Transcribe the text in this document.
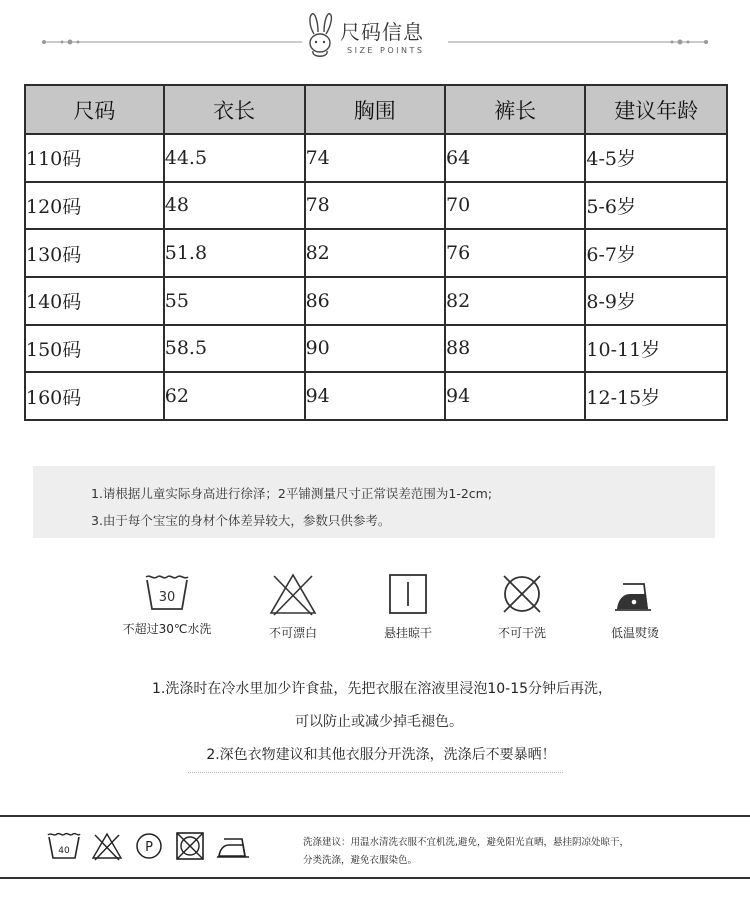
尺码信息
SIZE POINTS
尺码	衣长	胸围	裤长	建议年龄
110码	44.5	74	64	4-5岁
120码	48	78	70	5-6岁
130码	51.8	82	76	6-7岁
140码	55	86	82	8-9岁
150码	58.5	90	88	10-11岁
160码	62	94	94	12-15岁
1.请根据儿童实际身高进行徐泽；2平铺测量尺寸正常误差范围为1-2cm;
3.由于每个宝宝的身材个体差异较大，参数只供参考。
30
不超过30℃水洗	不可漂白	悬挂晾干	不可干洗	低温熨烫
1.洗涤时在冷水里加少许食盐，先把衣服在溶液里浸泡10-15分钟后再洗，
可以防止或减少掉毛褪色。
2.深色衣物建议和其他衣服分开洗涤，洗涤后不要暴晒！
40	P	洗涤建议：用温水清洗衣服不宜机洗,避免，避免阳光直晒，悬挂阴凉处晾干，
分类洗涤，避免衣服染色。
